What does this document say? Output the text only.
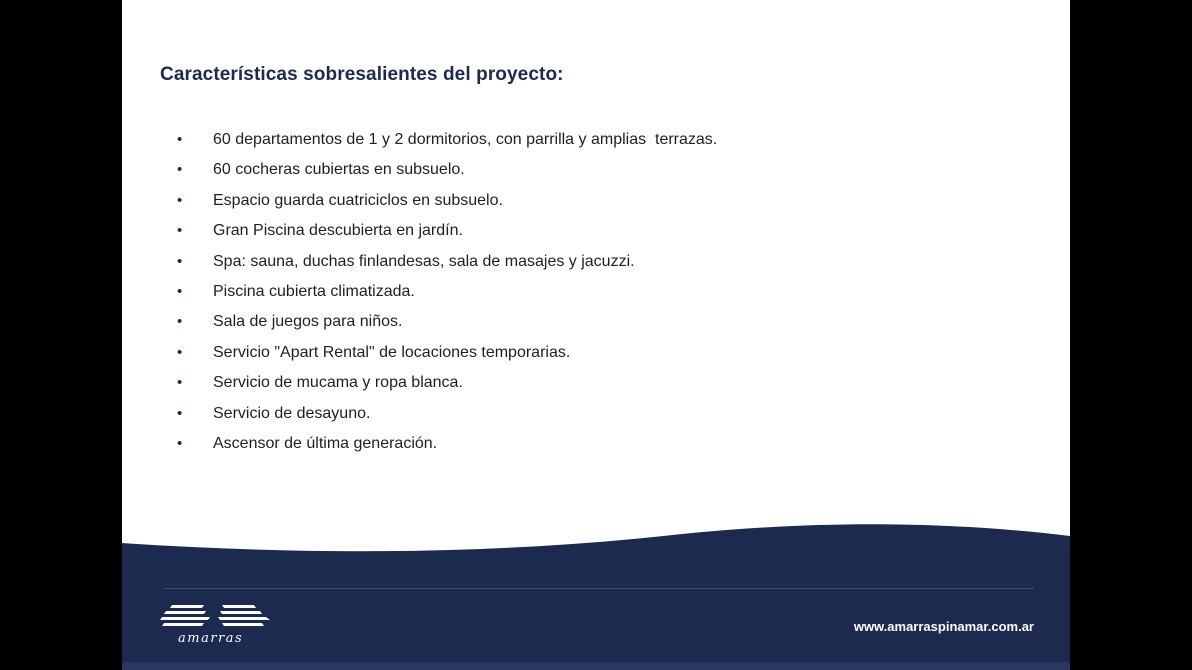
Características sobresalientes del proyecto:
• 60 departamentos de 1 y 2 dormitorios, con parrilla y amplias  terrazas.
• 60 cocheras cubiertas en subsuelo.
• Espacio guarda cuatriciclos en subsuelo.
• Gran Piscina descubierta en jardín.
• Spa: sauna, duchas finlandesas, sala de masajes y jacuzzi.
• Piscina cubierta climatizada.
• Sala de juegos para niños.
• Servicio "Apart Rental" de locaciones temporarias.
• Servicio de mucama y ropa blanca.
• Servicio de desayuno.
• Ascensor de última generación.
amarras
www.amarraspinamar.com.ar
